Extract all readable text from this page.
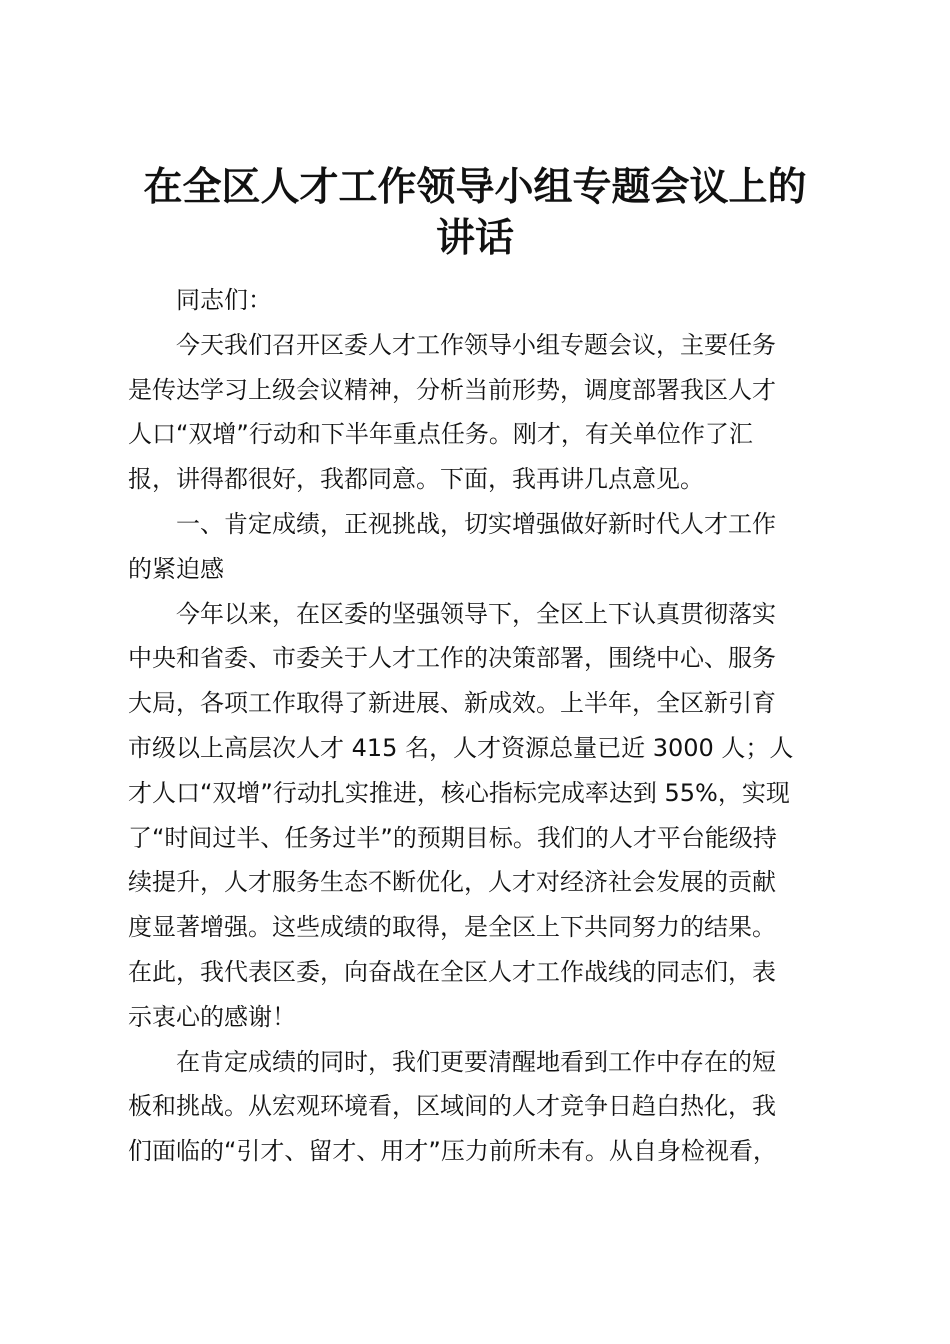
在全区人才工作领导小组专题会议上的
讲话

同志们：

今天我们召开区委人才工作领导小组专题会议，主要任务
是传达学习上级会议精神，分析当前形势，调度部署我区人才
人口“双增”行动和下半年重点任务。刚才，有关单位作了汇
报，讲得都很好，我都同意。下面，我再讲几点意见。

一、肯定成绩，正视挑战，切实增强做好新时代人才工作
的紧迫感

今年以来，在区委的坚强领导下，全区上下认真贯彻落实
中央和省委、市委关于人才工作的决策部署，围绕中心、服务
大局，各项工作取得了新进展、新成效。上半年，全区新引育
市级以上高层次人才 415 名，人才资源总量已近 3000 人；人
才人口“双增”行动扎实推进，核心指标完成率达到 55%，实现
了“时间过半、任务过半”的预期目标。我们的人才平台能级持
续提升，人才服务生态不断优化，人才对经济社会发展的贡献
度显著增强。这些成绩的取得，是全区上下共同努力的结果。
在此，我代表区委，向奋战在全区人才工作战线的同志们，表
示衷心的感谢！

在肯定成绩的同时，我们更要清醒地看到工作中存在的短
板和挑战。从宏观环境看，区域间的人才竞争日趋白热化，我
们面临的“引才、留才、用才”压力前所未有。从自身检视看，
